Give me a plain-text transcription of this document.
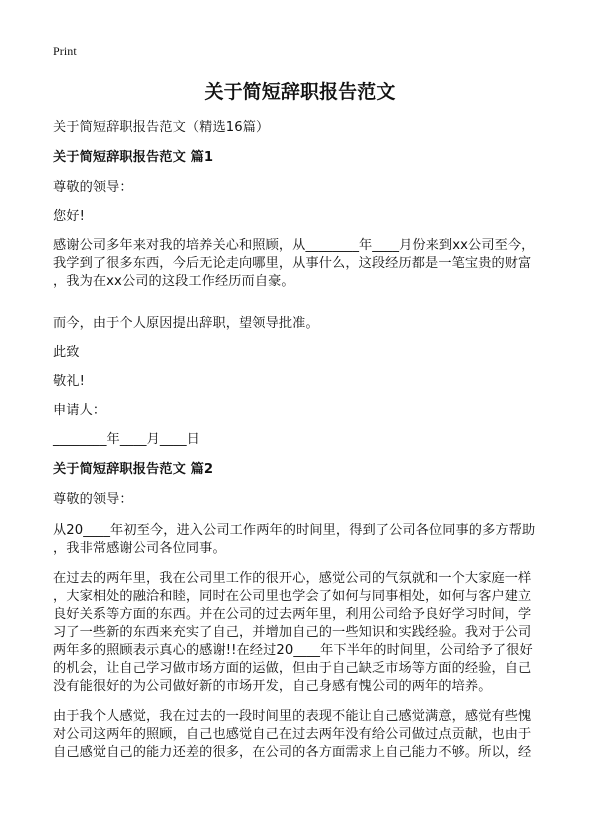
Print
关于简短辞职报告范文
关于简短辞职报告范文（精选16篇）
关于简短辞职报告范文 篇1
尊敬的领导：
您好!
感谢公司多年来对我的培养关心和照顾，从________年____月份来到xx公司至今，
我学到了很多东西，今后无论走向哪里，从事什么，这段经历都是一笔宝贵的财富
，我为在xx公司的这段工作经历而自豪。
而今，由于个人原因提出辞职，望领导批准。
此致
敬礼!
申请人：
________年____月____日
关于简短辞职报告范文 篇2
尊敬的领导：
从20____年初至今，进入公司工作两年的时间里，得到了公司各位同事的多方帮助
，我非常感谢公司各位同事。
在过去的两年里，我在公司里工作的很开心，感觉公司的气氛就和一个大家庭一样
，大家相处的融洽和睦，同时在公司里也学会了如何与同事相处，如何与客户建立
良好关系等方面的东西。并在公司的过去两年里，利用公司给予良好学习时间，学
习了一些新的东西来充实了自己，并增加自己的一些知识和实践经验。我对于公司
两年多的照顾表示真心的感谢!!在经过20____年下半年的时间里，公司给予了很好
的机会，让自己学习做市场方面的运做，但由于自己缺乏市场等方面的经验，自己
没有能很好的为公司做好新的市场开发，自己身感有愧公司的两年的培养。
由于我个人感觉，我在过去的一段时间里的表现不能让自己感觉满意，感觉有些愧
对公司这两年的照顾，自己也感觉自己在过去两年没有给公司做过点贡献，也由于
自己感觉自己的能力还差的很多，在公司的各方面需求上自己能力不够。所以，经
